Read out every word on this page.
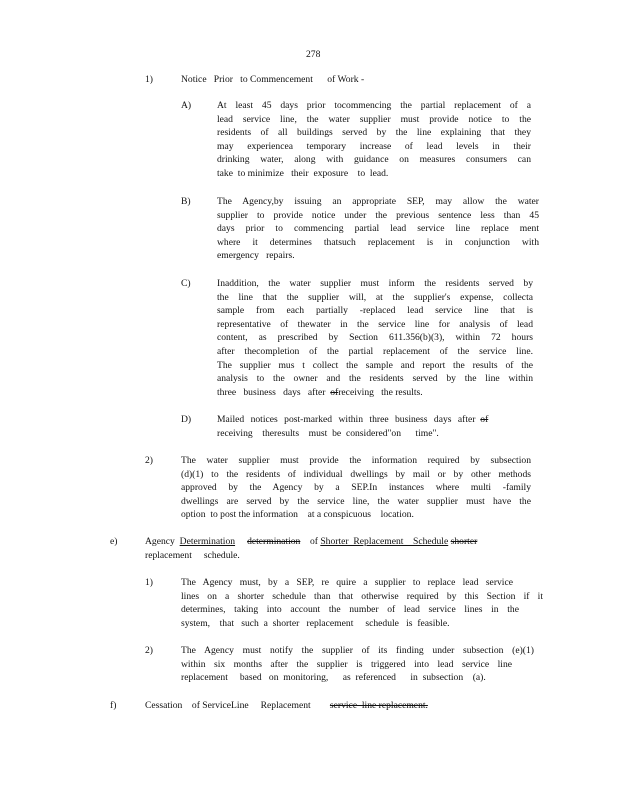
278
1)	Notice   Prior   to Commencement      of Work -
A)	At least 45 days prior tocommencing the partial replacement of a
lead service line, the water supplier must provide notice to the
residents of all buildings served by the line explaining that they
may experiencea temporary increase of lead levels in their
drinking water, along with guidance on measures consumers can
take  to minimize   their  exposure    to  lead.
B)	The Agency,by issuing an appropriate SEP, may allow the water
supplier to provide notice under the previous sentence less than 45
days prior to commencing partial lead service line replace ment
where it determines thatsuch replacement is in conjunction with
emergency   repairs.
C)	Inaddition, the water supplier must inform the residents served by
the line that the supplier will, at the supplier's expense, collecta
sample from each partially -replaced lead service line that is
representative of thewater in the service line for analysis of lead
content, as prescribed by Section 611.356(b)(3), within 72 hours
after thecompletion of the partial replacement of the service line.
The supplier mus t collect the sample and report the results of the
analysis to the owner and the residents served by the line within
three   business   days   after  ofreceiving   the results.
D)	Mailed notices post-marked within three business days after of
receiving    theresults    must  be  considered"on      time".
2)	The water supplier must provide the information required by subsection
(d)(1) to the residents of individual dwellings by mail or by other methods
approved by the Agency by a SEP.In instances where multi -family
dwellings are served by the service line, the water supplier must have the
option  to post the information    at a conspicuous    location.
e)	Agency  Determination determination    of Shorter  Replacement    Schedule shorter
replacement     schedule.
1)	The Agency must, by a SEP, re quire a supplier to replace lead service
lines on a shorter schedule than that otherwise required by this Section if it
determines, taking into account the number of lead service lines in the
system,    that   such  a  shorter   replacement     schedule   is  feasible.
2)	The Agency must notify the supplier of its finding under subsection (e)(1)
within six months after the supplier is triggered into lead service line
replacement     based   on  monitoring,      as  referenced      in  subsection    (a).
f)	Cessation    of ServiceLine     Replacement service  line replacement.
